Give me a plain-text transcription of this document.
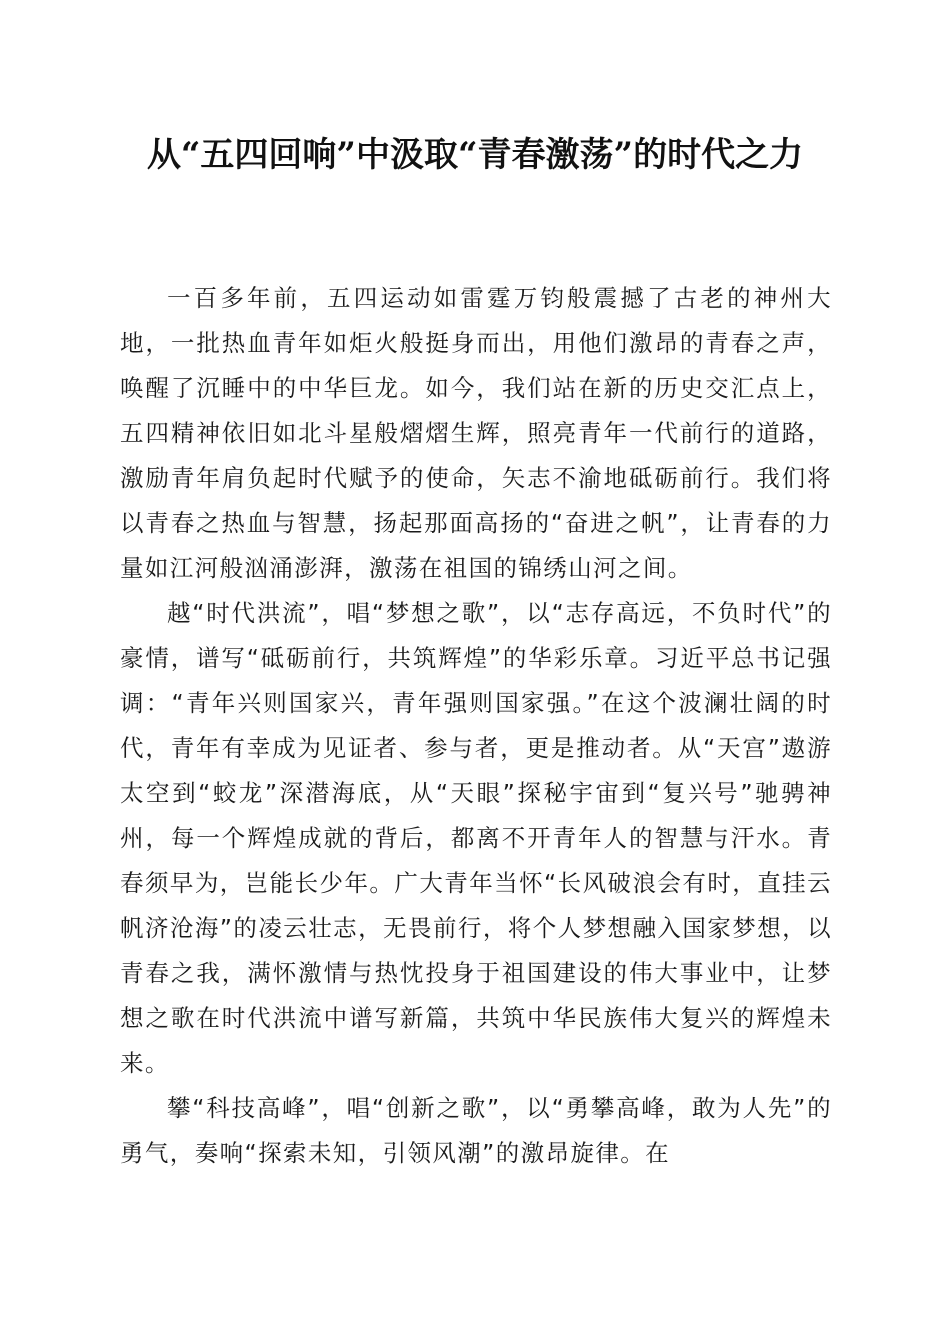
从“五四回响”中汲取“青春激荡”的时代之力

一百多年前，五四运动如雷霆万钧般震撼了古老的神州大地，一批热血青年如炬火般挺身而出，用他们激昂的青春之声，唤醒了沉睡中的中华巨龙。如今，我们站在新的历史交汇点上，五四精神依旧如北斗星般熠熠生辉，照亮青年一代前行的道路，激励青年肩负起时代赋予的使命，矢志不渝地砥砺前行。我们将以青春之热血与智慧，扬起那面高扬的“奋进之帆”，让青春的力量如江河般汹涌澎湃，激荡在祖国的锦绣山河之间。

越“时代洪流”，唱“梦想之歌”，以“志存高远，不负时代”的豪情，谱写“砥砺前行，共筑辉煌”的华彩乐章。习近平总书记强调：“青年兴则国家兴，青年强则国家强。”在这个波澜壮阔的时代，青年有幸成为见证者、参与者，更是推动者。从“天宫”遨游太空到“蛟龙”深潜海底，从“天眼”探秘宇宙到“复兴号”驰骋神州，每一个辉煌成就的背后，都离不开青年人的智慧与汗水。青春须早为，岂能长少年。广大青年当怀“长风破浪会有时，直挂云帆济沧海”的凌云壮志，无畏前行，将个人梦想融入国家梦想，以青春之我，满怀激情与热忱投身于祖国建设的伟大事业中，让梦想之歌在时代洪流中谱写新篇，共筑中华民族伟大复兴的辉煌未来。

攀“科技高峰”，唱“创新之歌”，以“勇攀高峰，敢为人先”的勇气，奏响“探索未知，引领风潮”的激昂旋律。在
